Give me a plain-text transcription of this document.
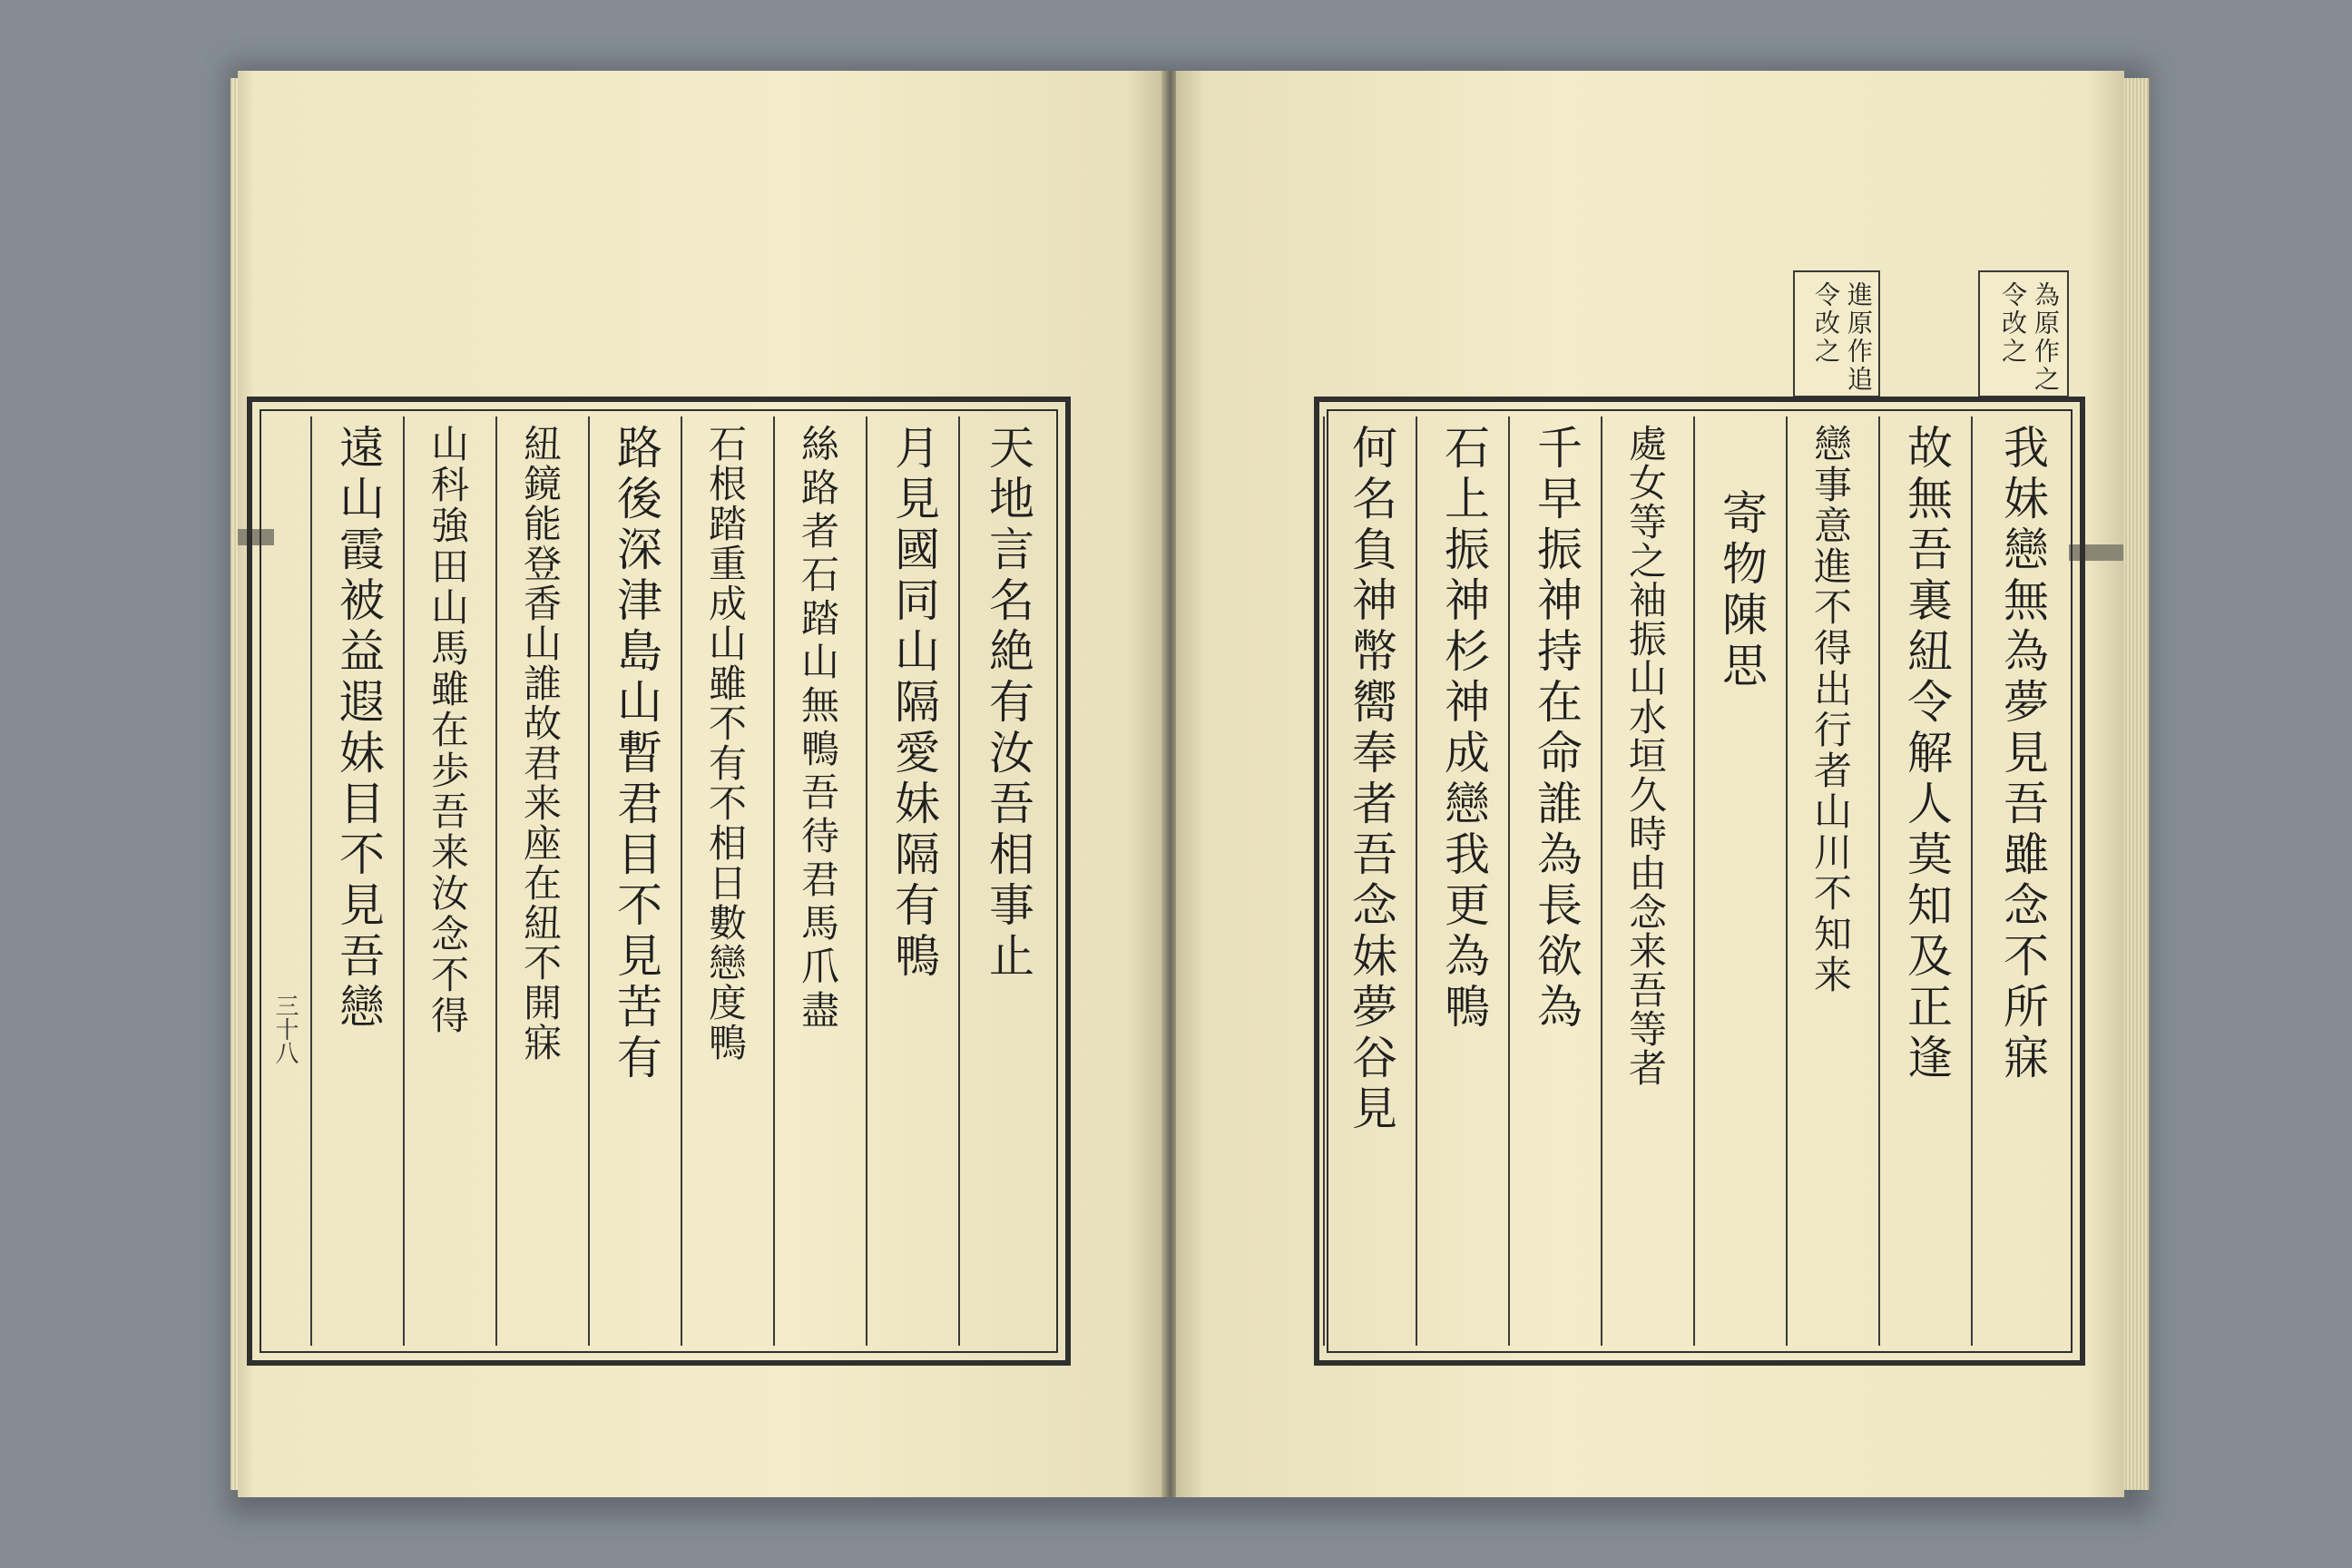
天地言名絶有汝吾相事止
月見國同山隔愛妹隔有鴨
絲路者石踏山無鴨吾待君馬爪盡
石根踏重成山雖不有不相日數戀度鴨
路後深津島山暫君目不見苦有
紐鏡能登香山誰故君来座在紐不開寐
山科強田山馬雖在歩吾来汝念不得
遠山霞被益遐妹目不見吾戀
三十八
為原作之
令改之
進原作追
令改之
我妹戀無為夢見吾雖念不所寐
故無吾裏紐令解人莫知及正逢
戀事意進不得出行者山川不知来
寄物陳思
處女等之袖振山水垣久時由念来吾等者
千早振神持在命誰為長欲為
石上振神杉神成戀我更為鴨
何名負神幣嚮奉者吾念妹夢谷見
